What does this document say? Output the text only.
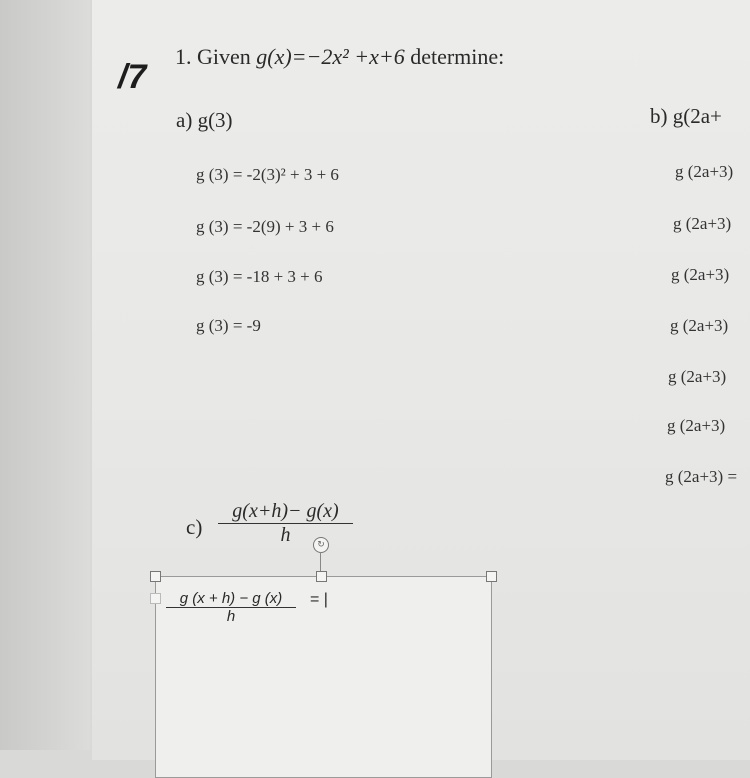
/7
1. Given g(x)=−2x² +x+6 determine:
a) g(3)
g (3) = -2(3)² + 3 + 6
g (3) = -2(9) + 3 + 6
g (3) = -18 + 3 + 6
g (3) = -9
b) g(2a+
g (2a+3)
g (2a+3)
g (2a+3)
g (2a+3)
g (2a+3)
g (2a+3)
g (2a+3) =
$c) \frac{g(x+h)- g(x)}{h}$
↻
$\frac{g (x + h) - g (x)}{h}$ = |
